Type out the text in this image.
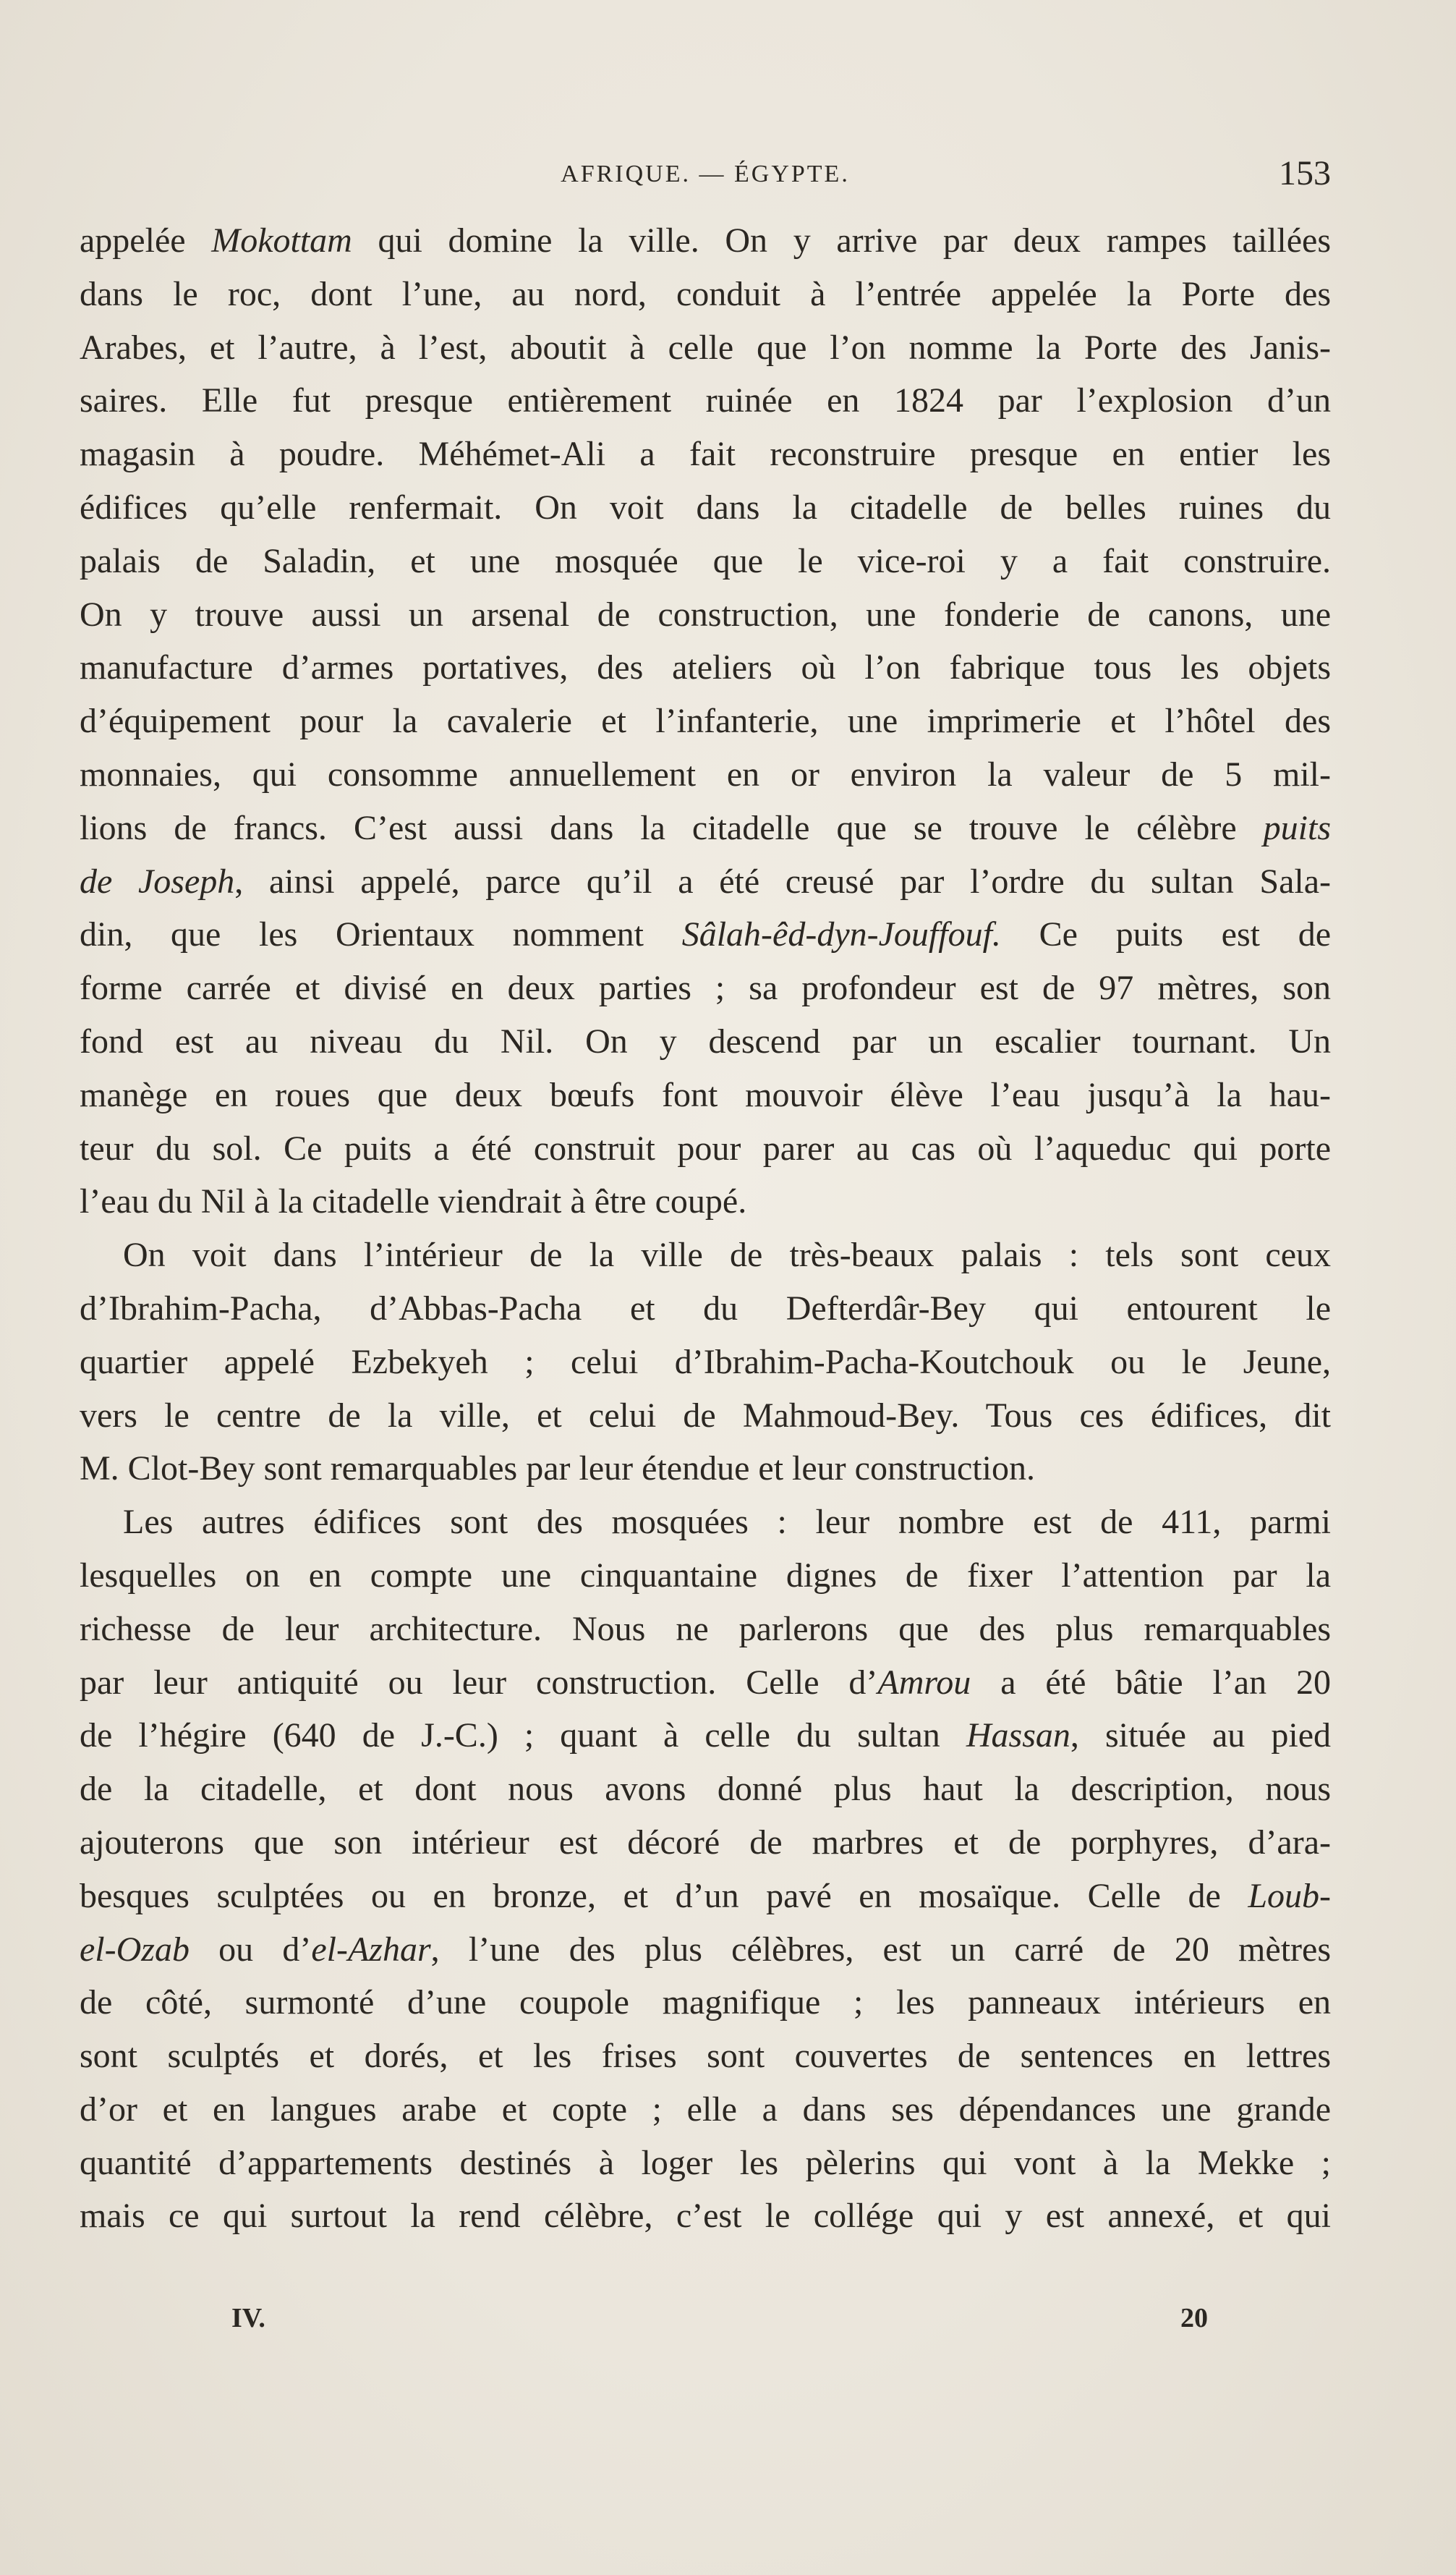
AFRIQUE. — ÉGYPTE.	153
appelée Mokottam qui domine la ville. On y arrive par deux rampes taillées
dans le roc, dont l’une, au nord, conduit à l’entrée appelée la Porte des
Arabes, et l’autre, à l’est, aboutit à celle que l’on nomme la Porte des Janis-
saires. Elle fut presque entièrement ruinée en 1824 par l’explosion d’un
magasin à poudre. Méhémet-Ali a fait reconstruire presque en entier les
édifices qu’elle renfermait. On voit dans la citadelle de belles ruines du
palais de Saladin, et une mosquée que le vice-roi y a fait construire.
On y trouve aussi un arsenal de construction, une fonderie de canons, une
manufacture d’armes portatives, des ateliers où l’on fabrique tous les objets
d’équipement pour la cavalerie et l’infanterie, une imprimerie et l’hôtel des
monnaies, qui consomme annuellement en or environ la valeur de 5 mil-
lions de francs. C’est aussi dans la citadelle que se trouve le célèbre puits
de Joseph, ainsi appelé, parce qu’il a été creusé par l’ordre du sultan Sala-
din, que les Orientaux nomment Sâlah-êd-dyn-Jouffouf. Ce puits est de
forme carrée et divisé en deux parties ; sa profondeur est de 97 mètres, son
fond est au niveau du Nil. On y descend par un escalier tournant. Un
manège en roues que deux bœufs font mouvoir élève l’eau jusqu’à la hau-
teur du sol. Ce puits a été construit pour parer au cas où l’aqueduc qui porte
l’eau du Nil à la citadelle viendrait à être coupé.
On voit dans l’intérieur de la ville de très-beaux palais : tels sont ceux
d’Ibrahim-Pacha, d’Abbas-Pacha et du Defterdâr-Bey qui entourent le
quartier appelé Ezbekyeh ; celui d’Ibrahim-Pacha-Koutchouk ou le Jeune,
vers le centre de la ville, et celui de Mahmoud-Bey. Tous ces édifices, dit
M. Clot-Bey sont remarquables par leur étendue et leur construction.
Les autres édifices sont des mosquées : leur nombre est de 411, parmi
lesquelles on en compte une cinquantaine dignes de fixer l’attention par la
richesse de leur architecture. Nous ne parlerons que des plus remarquables
par leur antiquité ou leur construction. Celle d’Amrou a été bâtie l’an 20
de l’hégire (640 de J.-C.) ; quant à celle du sultan Hassan, située au pied
de la citadelle, et dont nous avons donné plus haut la description, nous
ajouterons que son intérieur est décoré de marbres et de porphyres, d’ara-
besques sculptées ou en bronze, et d’un pavé en mosaïque. Celle de Loub-
el-Ozab ou d’el-Azhar, l’une des plus célèbres, est un carré de 20 mètres
de côté, surmonté d’une coupole magnifique ; les panneaux intérieurs en
sont sculptés et dorés, et les frises sont couvertes de sentences en lettres
d’or et en langues arabe et copte ; elle a dans ses dépendances une grande
quantité d’appartements destinés à loger les pèlerins qui vont à la Mekke ;
mais ce qui surtout la rend célèbre, c’est le collége qui y est annexé, et qui
IV.	20
